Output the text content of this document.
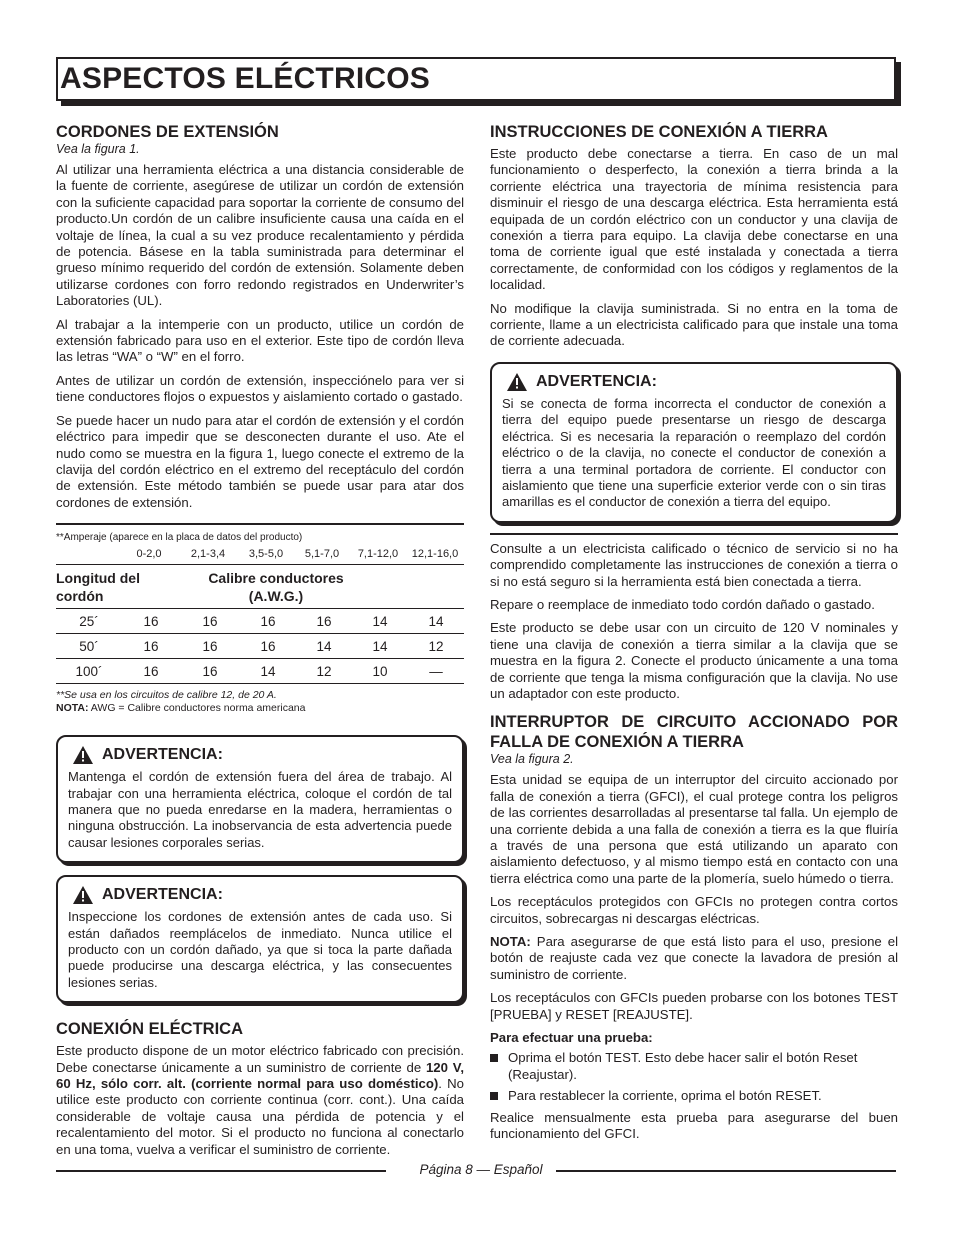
ASPECTOS ELÉCTRICOS
CORDONES DE EXTENSIÓN
Vea la figura 1.

Al utilizar una herramienta eléctrica a una distancia considerable de la fuente de corriente, asegúrese de utilizar un cordón de extensión con la suficiente capacidad para soportar la corriente de consumo del producto.Un cordón de un calibre insuficiente causa una caída en el voltaje de línea, la cual a su vez produce recalentamiento y pérdida de potencia. Básese en la tabla suministrada para determinar el grueso mínimo requerido del cordón de extensión. Solamente deben utilizarse cordones con forro redondo registrados en Underwriter’s Laboratories (UL).

Al trabajar a la intemperie con un producto, utilice un cordón de extensión fabricado para uso en el exterior. Este tipo de cordón lleva las letras “WA” o “W” en el forro.

Antes de utilizar un cordón de extensión, inspecciónelo para ver si tiene conductores flojos o expuestos y aislamiento cortado o gastado.

Se puede hacer un nudo para atar el cordón de extensión y el cordón eléctrico para impedir que se desconecten durante el uso. Ate el nudo como se muestra en la figura 1, luego conecte el extremo de la clavija del cordón eléctrico en el extremo del receptáculo del cordón de extensión. Este método también se puede usar para atar dos cordones de extensión.

**Amperaje (aparece en la placa de datos del producto)
0-2,0	2,1-3,4	3,5-5,0	5,1-7,0	7,1-12,0	12,1-16,0
Longitud del
cordón
Calibre conductores
(A.W.G.)
25´	16	16	16	16	14	14
50´	16	16	16	14	14	12
100´	16	16	14	12	10	—
**Se usa en los circuitos de calibre 12, de 20 A.
NOTA: AWG = Calibre conductores norma americana
ADVERTENCIA:

Mantenga el cordón de extensión fuera del área de trabajo. Al trabajar con una herramienta eléctrica, coloque el cordón de tal manera que no pueda enredarse en la madera, herramientas o ninguna obstrucción. La inobservancia de esta advertencia puede causar lesiones corporales serias.

ADVERTENCIA:

Inspeccione los cordones de extensión antes de cada uso. Si están dañados reemplácelos de inmediato. Nunca utilice el producto con un cordón dañado, ya que si toca la parte dañada puede producirse una descarga eléctrica, y las consecuentes lesiones serias.

CONEXIÓN ELÉCTRICA

Este producto dispone de un motor eléctrico fabricado con precisión. Debe conectarse únicamente a un suministro de corriente de 120 V, 60 Hz, sólo corr. alt. (corriente normal para uso doméstico). No utilice este producto con corriente continua (corr. cont.). Una caída considerable de voltaje causa una pérdida de potencia y el recalentamiento del motor. Si el producto no funciona al conectarlo en una toma, vuelva a verificar el suministro de corriente.

INSTRUCCIONES DE CONEXIÓN A TIERRA

Este producto debe conectarse a tierra. En caso de un mal funcionamiento o desperfecto, la conexión a tierra brinda a la corriente eléctrica una trayectoria de mínima resistencia para disminuir el riesgo de una descarga eléctrica. Esta herramienta está equipada de un cordón eléctrico con un conductor y una clavija de conexión a tierra para equipo. La clavija debe conectarse en una toma de corriente igual que esté instalada y conectada a tierra correctamente, de conformidad con los códigos y reglamentos de la localidad.

No modifique la clavija suministrada. Si no entra en la toma de corriente, llame a un electricista calificado para que instale una toma de corriente adecuada.

ADVERTENCIA:

Si se conecta de forma incorrecta el conductor de conexión a tierra del equipo puede presentarse un riesgo de descarga eléctrica. Si es necesaria la reparación o reemplazo del cordón eléctrico o de la clavija, no conecte el conductor de conexión a tierra a una terminal portadora de corriente. El conductor con aislamiento que tiene una superficie exterior verde con o sin tiras amarillas es el conductor de conexión a tierra del equipo.

Consulte a un electricista calificado o técnico de servicio si no ha comprendido completamente las instrucciones de conexión a tierra o si no está seguro si la herramienta está bien conectada a tierra.

Repare o reemplace de inmediato todo cordón dañado o gastado.

Este producto se debe usar con un circuito de 120 V nominales y tiene una clavija de conexión a tierra similar a la clavija que se muestra en la figura 2. Conecte el producto únicamente a una toma de corriente que tenga la misma configuración que la clavija. No use un adaptador con este producto.

INTERRUPTOR DE CIRCUITO ACCIONADO POR FALLA DE CONEXIÓN A TIERRA
Vea la figura 2.

Esta unidad se equipa de un interruptor del circuito accionado por falla de conexión a tierra (GFCI), el cual protege contra los peligros de las corrientes desarrolladas al presentarse tal falla. Un ejemplo de una corriente debida a una falla de conexión a tierra es la que fluiría a través de una persona que está utilizando un aparato con aislamiento defectuoso, y al mismo tiempo está en contacto con una tierra eléctrica como una parte de la plomería, suelo húmedo o tierra.

Los receptáculos protegidos con GFCIs no protegen contra cortos circuitos, sobrecargas ni descargas eléctricas.

NOTA: Para asegurarse de que está listo para el uso, presione el botón de reajuste cada vez que conecte la lavadora de presión al suministro de corriente.

Los receptáculos con GFCIs pueden probarse con los botones TEST [PRUEBA] y RESET [REAJUSTE].

Para efectuar una prueba:

Oprima el botón TEST. Esto debe hacer salir el botón Reset (Reajustar).
Para restablecer la corriente, oprima el botón RESET.

Realice mensualmente esta prueba para asegurarse del buen funcionamiento del GFCI.

Página 8 — Español
